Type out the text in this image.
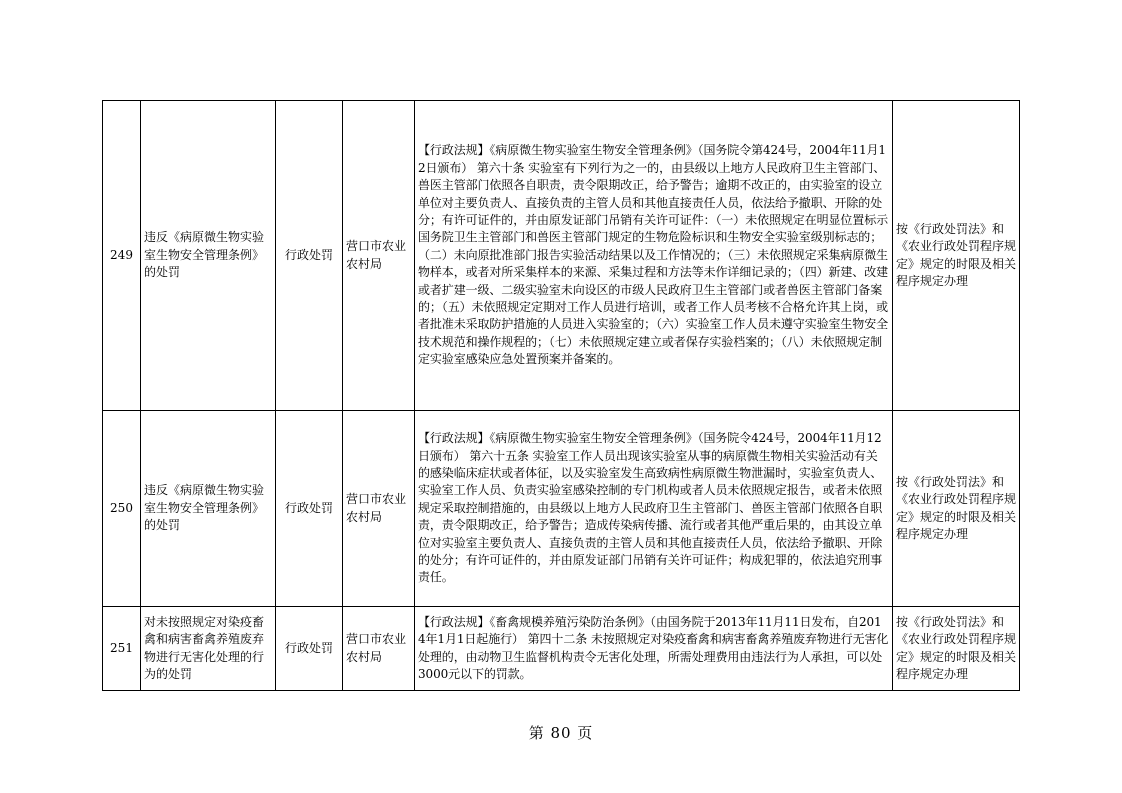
249	违反《病原微生物实验室生物安全管理条例》的处罚	行政处罚	营口市农业农村局	【行政法规】《病原微生物实验室生物安全管理条例》（国务院令第424号，2004年11月12日颁布） 第六十条 实验室有下列行为之一的，由县级以上地方人民政府卫生主管部门、兽医主管部门依照各自职责，责令限期改正，给予警告；逾期不改正的，由实验室的设立单位对主要负责人、直接负责的主管人员和其他直接责任人员，依法给予撤职、开除的处分；有许可证件的，并由原发证部门吊销有关许可证件：（一）未依照规定在明显位置标示国务院卫生主管部门和兽医主管部门规定的生物危险标识和生物安全实验室级别标志的；（二）未向原批准部门报告实验活动结果以及工作情况的；（三）未依照规定采集病原微生物样本，或者对所采集样本的来源、采集过程和方法等未作详细记录的；（四）新建、改建或者扩建一级、二级实验室未向设区的市级人民政府卫生主管部门或者兽医主管部门备案的；（五）未依照规定定期对工作人员进行培训，或者工作人员考核不合格允许其上岗，或者批准未采取防护措施的人员进入实验室的；（六）实验室工作人员未遵守实验室生物安全技术规范和操作规程的；（七）未依照规定建立或者保存实验档案的；（八）未依照规定制定实验室感染应急处置预案并备案的。	按《行政处罚法》和《农业行政处罚程序规定》规定的时限及相关程序规定办理
250	违反《病原微生物实验室生物安全管理条例》的处罚	行政处罚	营口市农业农村局	【行政法规】《病原微生物实验室生物安全管理条例》（国务院令424号，2004年11月12日颁布） 第六十五条 实验室工作人员出现该实验室从事的病原微生物相关实验活动有关的感染临床症状或者体征，以及实验室发生高致病性病原微生物泄漏时，实验室负责人、实验室工作人员、负责实验室感染控制的专门机构或者人员未依照规定报告，或者未依照规定采取控制措施的，由县级以上地方人民政府卫生主管部门、兽医主管部门依照各自职责，责令限期改正，给予警告；造成传染病传播、流行或者其他严重后果的，由其设立单位对实验室主要负责人、直接负责的主管人员和其他直接责任人员，依法给予撤职、开除的处分；有许可证件的，并由原发证部门吊销有关许可证件；构成犯罪的，依法追究刑事责任。	按《行政处罚法》和《农业行政处罚程序规定》规定的时限及相关程序规定办理
251	对未按照规定对染疫畜禽和病害畜禽养殖废弃物进行无害化处理的行为的处罚	行政处罚	营口市农业农村局	【行政法规】《畜禽规模养殖污染防治条例》（由国务院于2013年11月11日发布，自2014年1月1日起施行） 第四十二条 未按照规定对染疫畜禽和病害畜禽养殖废弃物进行无害化处理的，由动物卫生监督机构责令无害化处理，所需处理费用由违法行为人承担，可以处3000元以下的罚款。	按《行政处罚法》和《农业行政处罚程序规定》规定的时限及相关程序规定办理
第 80 页
